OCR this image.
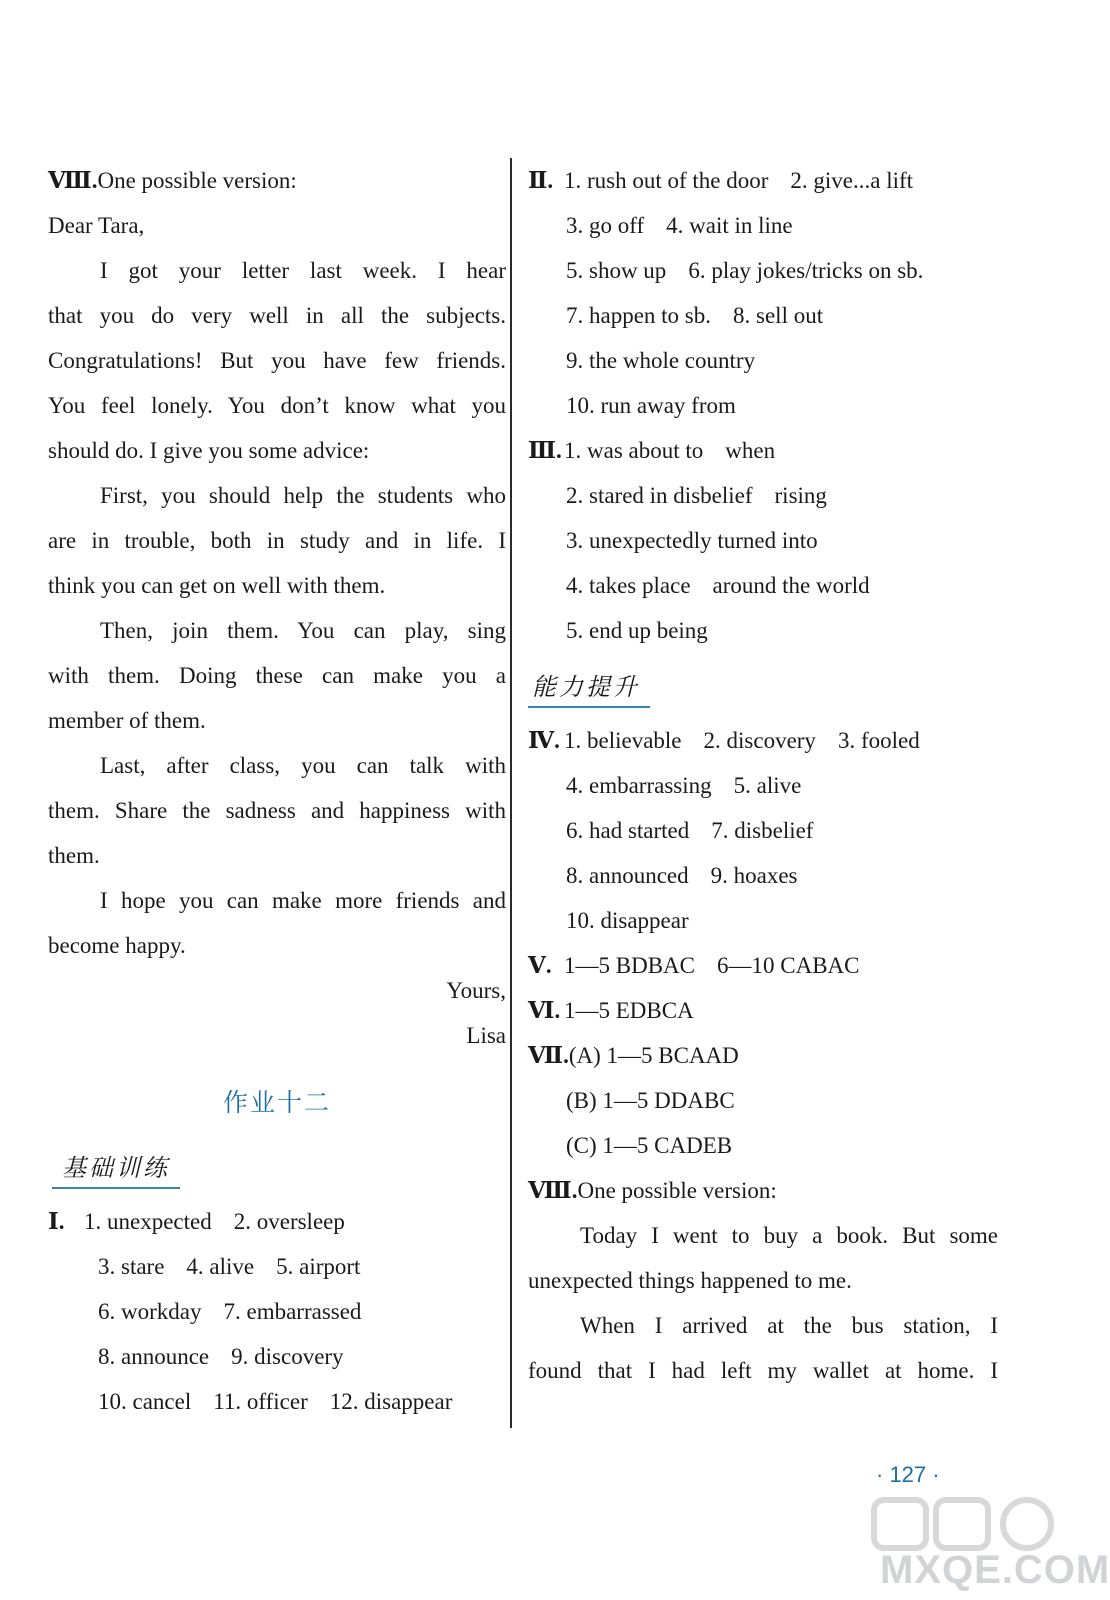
Ⅷ.One possible version:
Dear Tara,
I got your letter last week. I hear
that you do very well in all the subjects.
Congratulations! But you have few friends.
You feel lonely. You don’t know what you
should do. I give you some advice:
First, you should help the students who
are in trouble, both in study and in life. I
think you can get on well with them.
Then, join them. You can play, sing
with them. Doing these can make you a
member of them.
Last, after class, you can talk with
them. Share the sadness and happiness with
them.
I hope you can make more friends and
become happy.
Yours,
Lisa
作业十二
基础训练
Ⅰ. 1. unexpected 2. oversleep
3. stare 4. alive 5. airport
6. workday 7. embarrassed
8. announce 9. discovery
10. cancel 11. officer 12. disappear
Ⅱ. 1. rush out of the door 2. give...a lift
3. go off 4. wait in line
5. show up 6. play jokes/tricks on sb.
7. happen to sb. 8. sell out
9. the whole country
10. run away from
Ⅲ.1. was about to when
2. stared in disbelief rising
3. unexpectedly turned into
4. takes place around the world
5. end up being
能力提升
Ⅳ. 1. believable 2. discovery 3. fooled
4. embarrassing 5. alive
6. had started 7. disbelief
8. announced 9. hoaxes
10. disappear
Ⅴ. 1—5 BDBAC 6—10 CABAC
Ⅵ. 1—5 EDBCA
Ⅶ.(A) 1—5 BCAAD
(B) 1—5 DDABC
(C) 1—5 CADEB
Ⅷ.One possible version:
Today I went to buy a book. But some
unexpected things happened to me.
When I arrived at the bus station, I
found that I had left my wallet at home. I
· 127 ·
MXQE.COM
